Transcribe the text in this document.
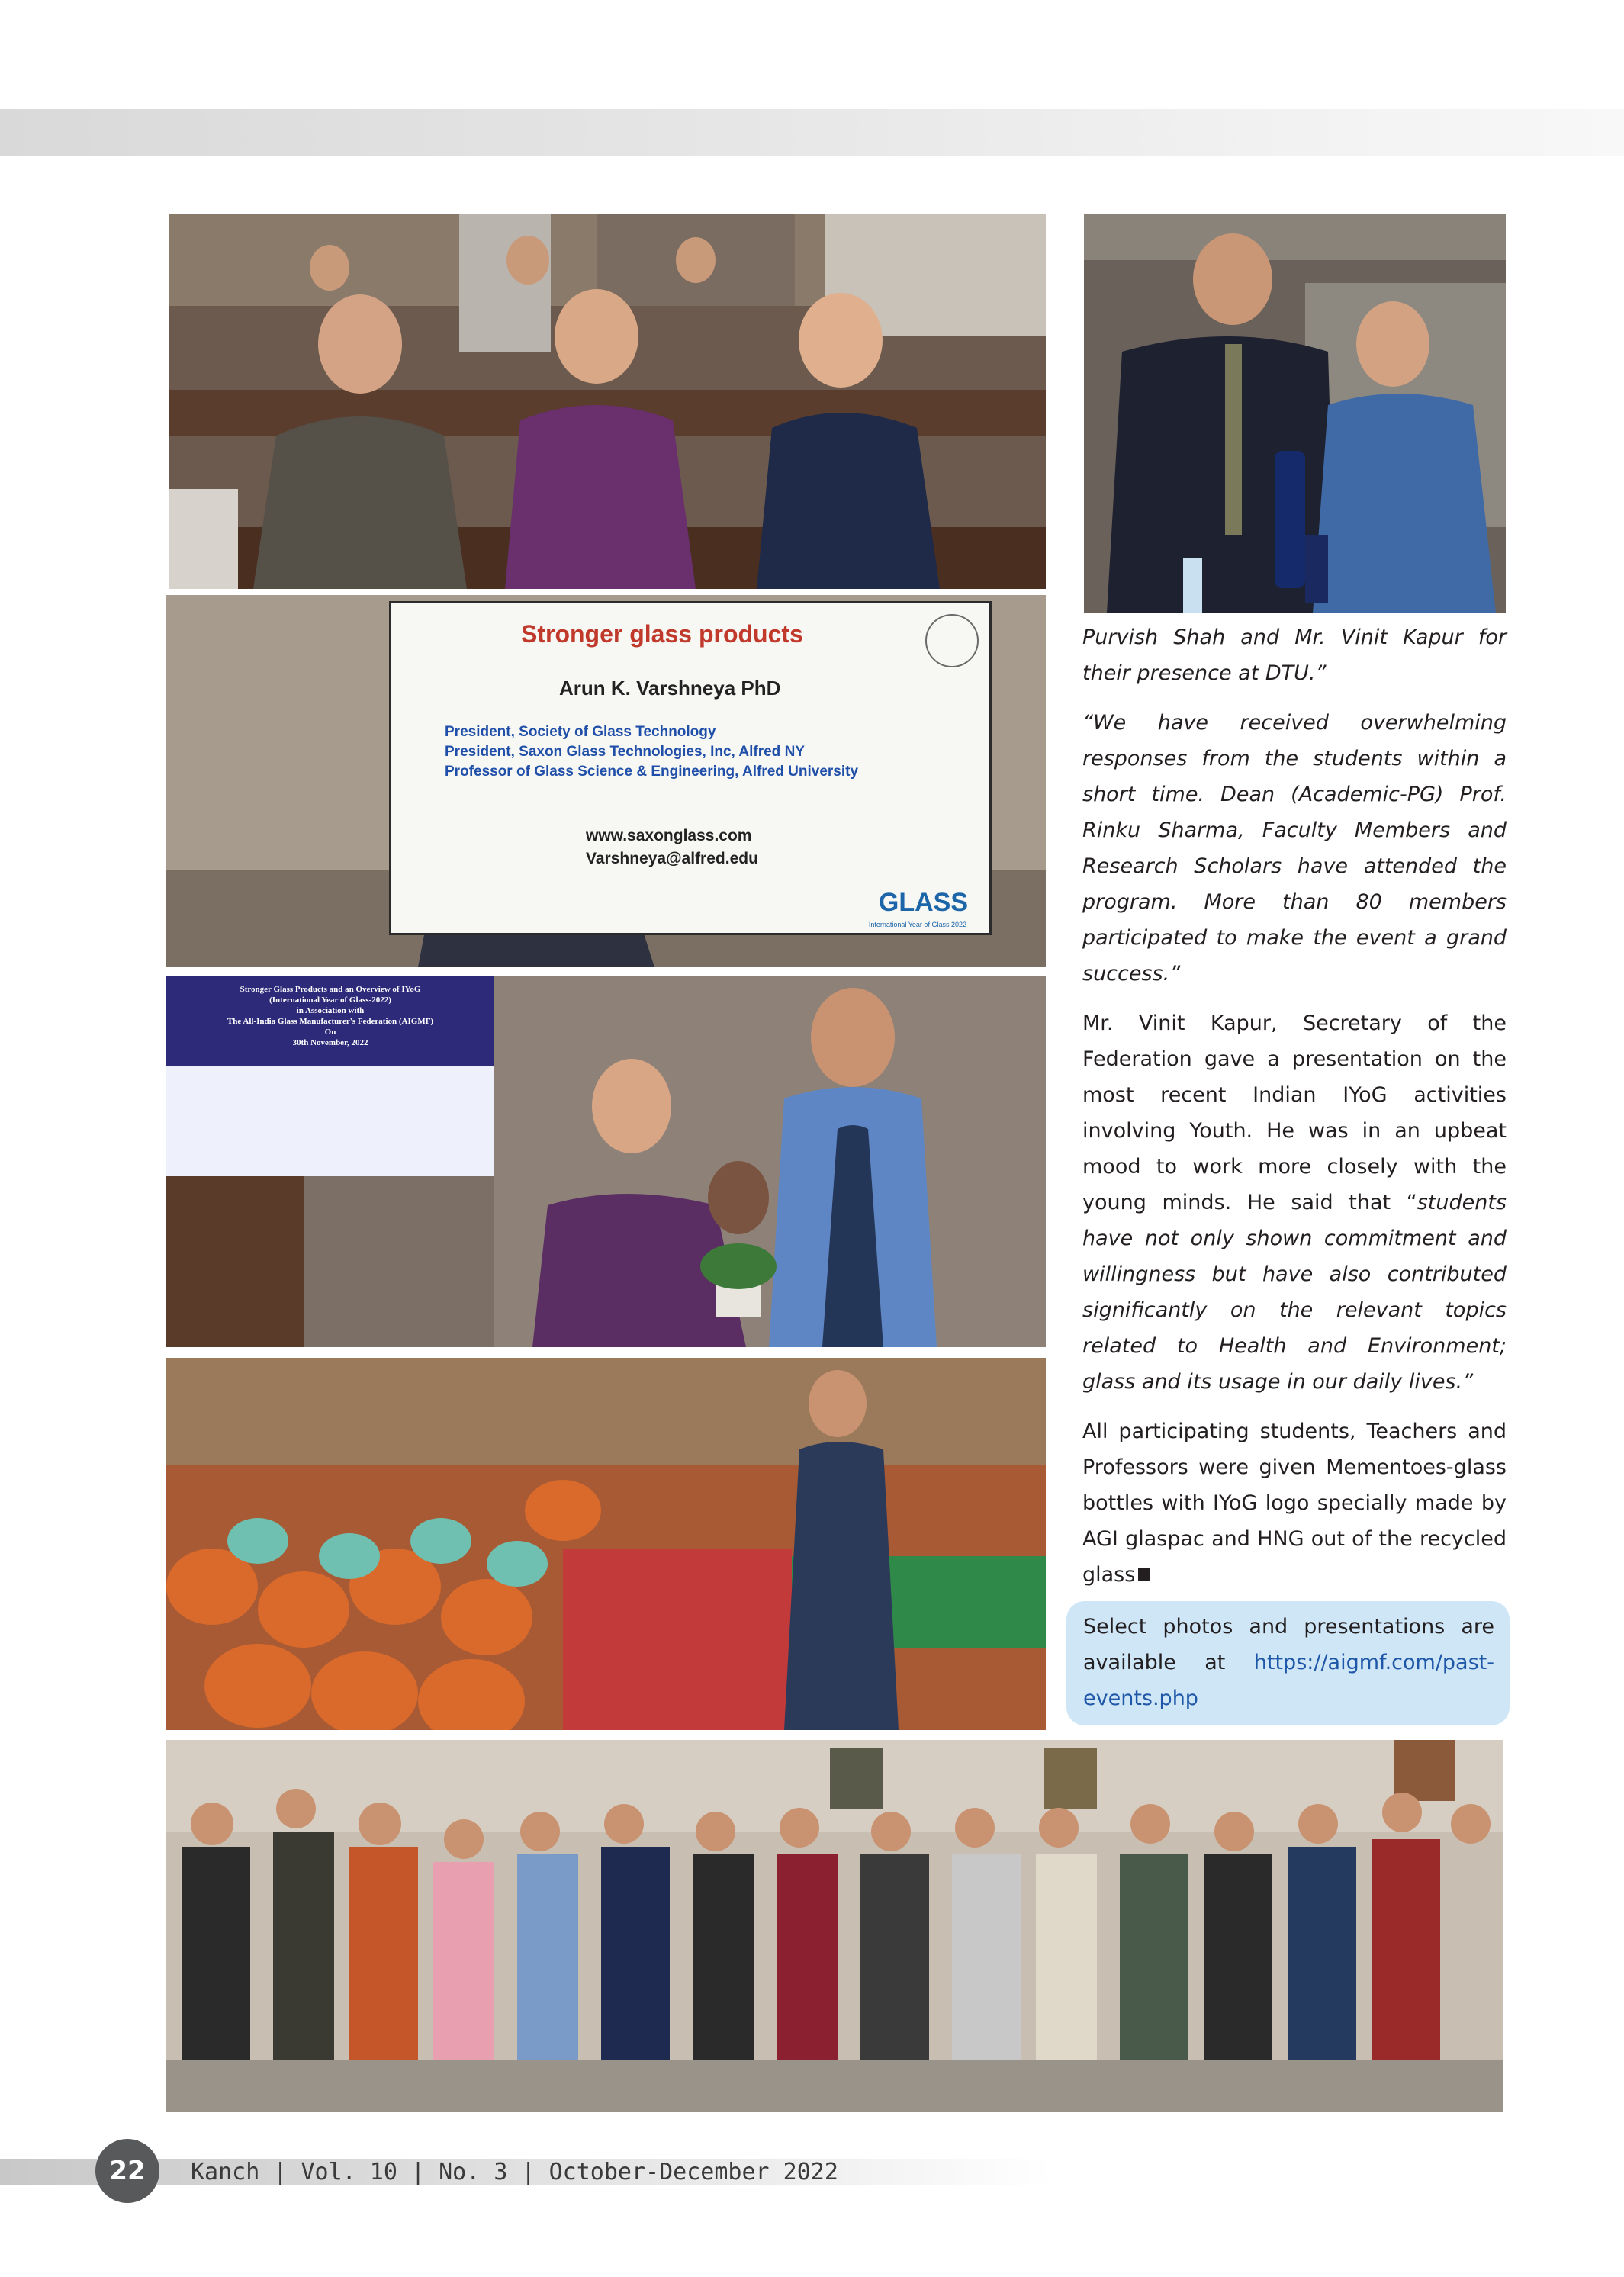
Stronger glass products
Arun K. Varshneya PhD
President, Society of Glass Technology
President, Saxon Glass Technologies, Inc, Alfred NY
Professor of Glass Science & Engineering, Alfred University
www.saxonglass.com
Varshneya@alfred.edu
GLASS
International Year of Glass 2022

Stronger Glass Products and an Overview of IYoG

(International Year of Glass-2022)

in Association with

The All-India Glass Manufacturer's Federation (AIGMF)

On

30th November, 2022

Purvish Shah and Mr. Vinit Kapur for their presence at DTU.”

“We have received overwhelming responses from the students within a short time. Dean (Academic-PG) Prof. Rinku Sharma, Faculty Members and Research Scholars have attended the program. More than 80 members participated to make the event a grand success.”

Mr. Vinit Kapur, Secretary of the Federation gave a presentation on the most recent Indian IYoG activities involving Youth. He was in an upbeat mood to work more closely with the young minds. He said that “students have not only shown commitment and willingness but have also contributed significantly on the relevant topics related to Health and Environment; glass and its usage in our daily lives.”

All participating students, Teachers and Professors were given Mementoes-glass bottles with IYoG logo specially made by AGI glaspac and HNG out of the recycled glass

Select photos and presentations are available at https://aigmf.com/past-events.php
22	Kanch | Vol. 10 | No. 3 | October-December 2022
